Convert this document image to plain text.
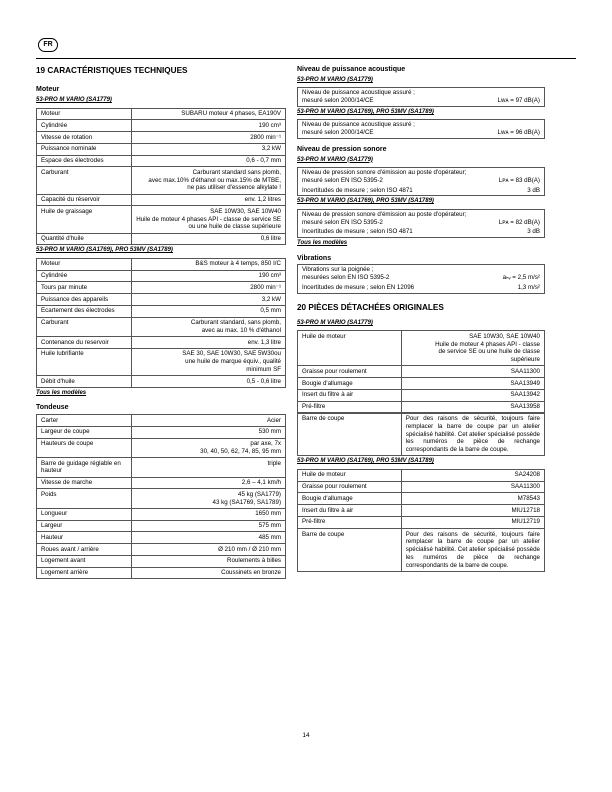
FR
19 CARACTÉRISTIQUES TECHNIQUES
Moteur
53-PRO M VARIO (SA1779)
Moteur	SUBARU moteur 4 phases, EA190V
Cylindrée	190 cm³
Vitesse de rotation	2800 min⁻¹
Puissance nominale	3,2 kW
Espace des électrodes	0,6 - 0,7 mm
Carburant	Carburant standard sans plomb,
avec max.10% d'éthanol ou max.15% de MTBE,
ne pas utiliser d'essence alkylate !
Capacité du réservoir	env. 1,2 litres
Huile de graissage	SAE 10W30, SAE 10W40
Huile de moteur 4 phases API - classe de service SE
ou une huile de classe supérieure
Quantité d'huile	0,6 litre
53-PRO M VARIO (SA1769), PRO 53MV (SA1789)
Moteur	B&S moteur à 4 temps, 850 I/C
Cylindrée	190 cm³
Tours par minute	2800 min⁻¹
Puissance des appareils	3,2 kW
Ecartement des électrodes	0,5 mm
Carburant	Carburant standard, sans plomb,
avec au max. 10 % d'éthanol
Contenance du reservoir	env. 1,3 litre
Huile lubrifiante	SAE 30, SAE 10W30, SAE 5W30ou
une huile de marque équiv., qualité
minimum SF
Débit d'huile	0,5 - 0,6 litre
Tous les modèles
Tondeuse
Carter	Acier
Largeur de coupe	530 mm
Hauteurs de coupe	par axe, 7x
30, 40, 50, 62, 74, 85, 95 mm
Barre de guidage réglable en hauteur	triple
Vitesse de marche	2,6 – 4,1 km/h
Poids	45 kg (SA1779)
43 kg (SA1769, SA1789)
Longueur	1650 mm
Largeur	575 mm
Hauteur	485 mm
Roues avant / arrière	Ø 210 mm / Ø 210 mm
Logement avant	Roulements à billes
Logement arrière	Coussinets en bronze
Niveau de puissance acoustique
53-PRO M VARIO (SA1779)
Niveau de puissance acoustique assuré ;
mesuré selon 2000/14/CE	Lᴡᴀ = 97 dB(A)
53-PRO M VARIO (SA1769), PRO 53MV (SA1789)
Niveau de puissance acoustique assuré ;
mesuré selon 2000/14/CE	Lᴡᴀ = 96 dB(A)
Niveau de pression sonore
53-PRO M VARIO (SA1779)
Niveau de pression sonore d'émission au poste d'opérateur;
mesuré selon EN ISO 5395-2	Lᴘᴀ = 83 dB(A)
Incertitudes de mesure ; selon ISO 4871	3 dB
53-PRO M VARIO (SA1769), PRO 53MV (SA1789)
Niveau de pression sonore d'émission au poste d'opérateur;
mesuré selon EN ISO 5395-2	Lᴘᴀ = 82 dB(A)
Incertitudes de mesure ; selon ISO 4871	3 dB
Tous les modèles
Vibrations
Vibrations sur la poignée ;
mesurées selon EN ISO 5395-2	aₕᵥ = 2,5 m/s²
Incertitudes de mesure ; selon EN 12096	1,3 m/s²
20 PIÈCES DÉTACHÉES ORIGINALES
53-PRO M VARIO (SA1779)
Huile de moteur	SAE 10W30, SAE 10W40
Huile de moteur 4 phases API - classe
de service SE ou une huile de classe
supérieure
Graisse pour roulement	SAA11300
Bougie d'allumage	SAA13949
Insert du filtre à air	SAA13942
Pré-filtre	SAA13958
Barre de coupe	Pour des raisons de sécurité, toujours faire remplacer la barre de coupe par un atelier spécialisé habilité. Cet atelier spécialisé possède les numéros de pièce de rechange correspondants de la barre de coupe.
53-PRO M VARIO (SA1769), PRO 53MV (SA1789)
Huile de moteur	SA24208
Graisse pour roulement	SAA11300
Bougie d'allumage	M78543
Insert du filtre à air	MIU12718
Pré-filtre	MIU12719
Barre de coupe	Pour des raisons de sécurité, toujours faire remplacer la barre de coupe par un atelier spécialisé habilité. Cet atelier spécialisé possède les numéros de pièce de rechange correspondants de la barre de coupe.
14
